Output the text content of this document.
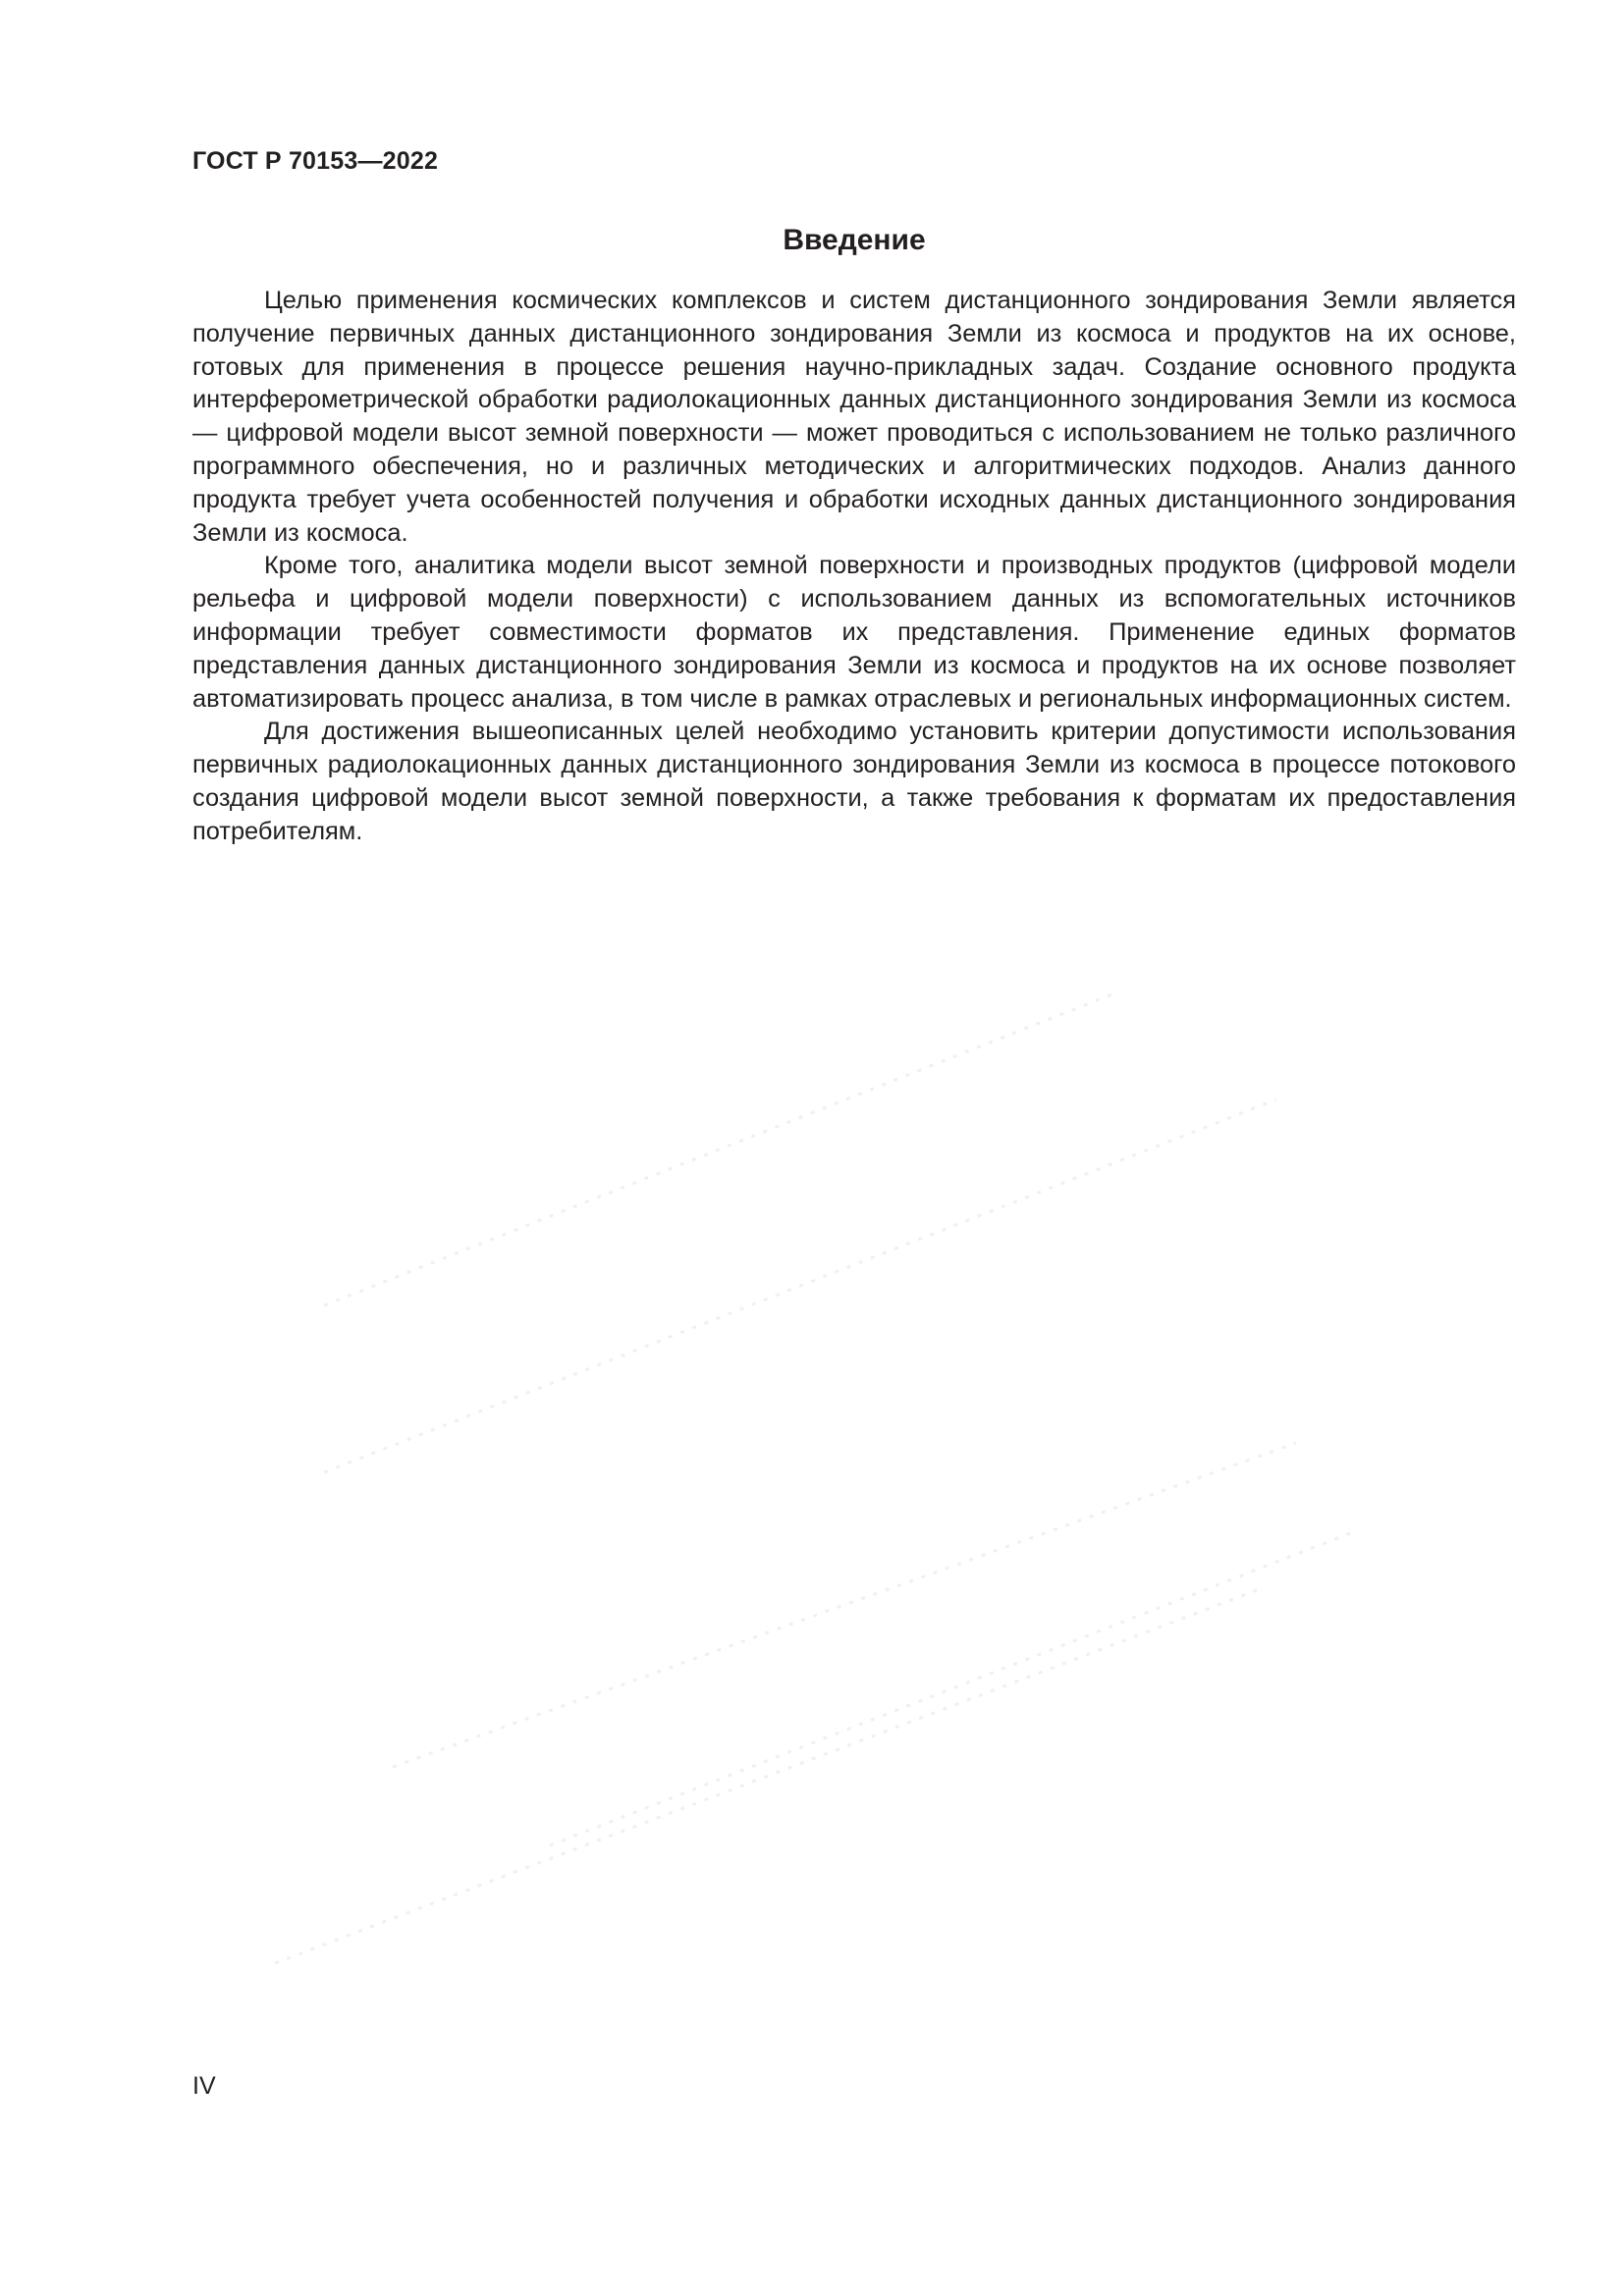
ГОСТ Р 70153—2022
Введение

Целью применения космических комплексов и систем дистанционного зондирования Земли является получение первичных данных дистанционного зондирования Земли из космоса и продуктов на их основе, готовых для применения в процессе решения научно-прикладных задач. Создание основного продукта интерферометрической обработки радиолокационных данных дистанционного зондирования Земли из космоса — цифровой модели высот земной поверхности — может проводиться с использованием не только различного программного обеспечения, но и различных методических и алгоритмических подходов. Анализ данного продукта требует учета особенностей получения и обработки исходных данных дистанционного зондирования Земли из космоса.

Кроме того, аналитика модели высот земной поверхности и производных продуктов (цифровой модели рельефа и цифровой модели поверхности) с использованием данных из вспомогательных источников информации требует совместимости форматов их представления. Применение единых форматов представления данных дистанционного зондирования Земли из космоса и продуктов на их основе позволяет автоматизировать процесс анализа, в том числе в рамках отраслевых и региональных информационных систем.

Для достижения вышеописанных целей необходимо установить критерии допустимости использования первичных радиолокационных данных дистанционного зондирования Земли из космоса в процессе потокового создания цифровой модели высот земной поверхности, а также требования к форматам их предоставления потребителям.

IV
